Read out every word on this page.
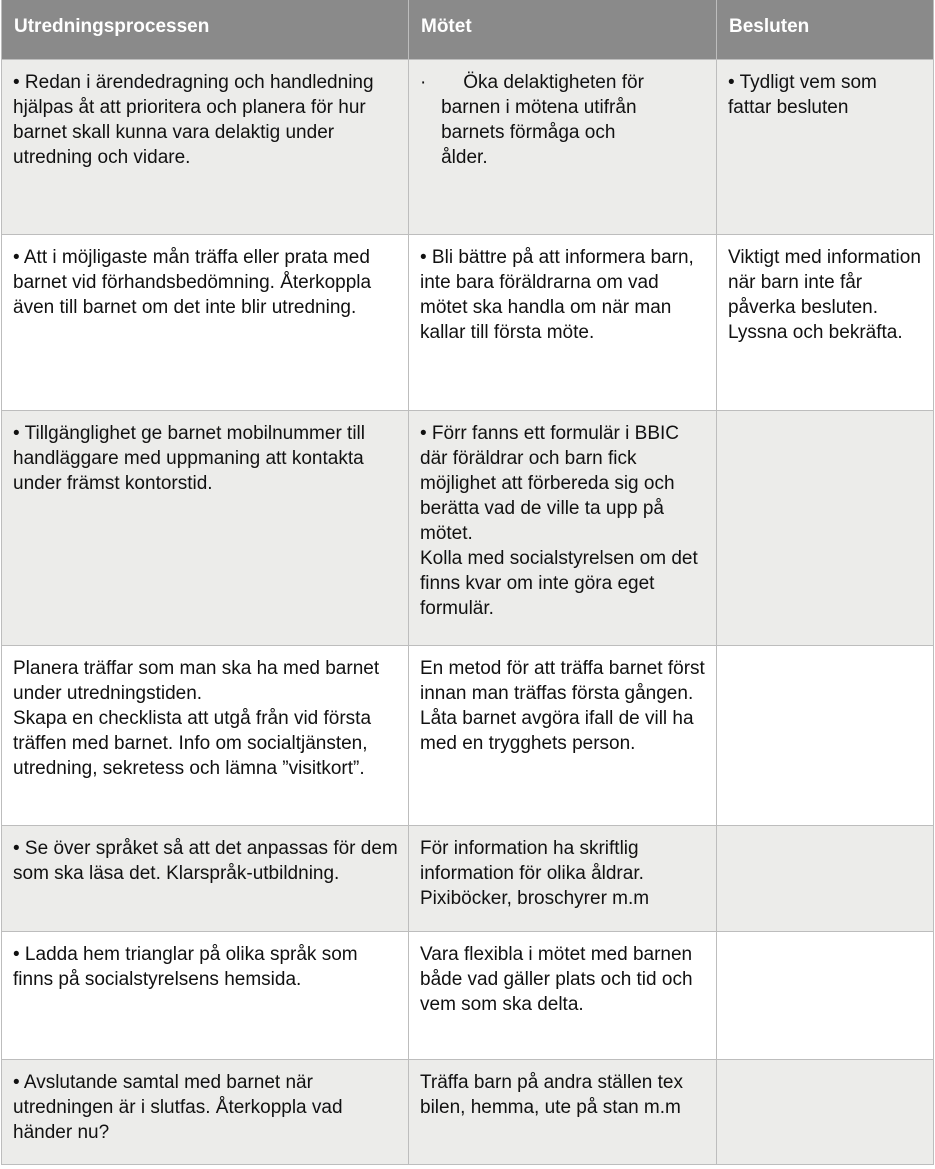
Utredningsprocessen	Mötet	Besluten
• Redan i ärendedragning och handledning hjälpas åt att prioritera och planera för hur barnet skall kunna vara delaktig under utredning och vidare.	·       Öka delaktigheten för
barnen i mötena utifrån
barnets förmåga och
ålder.	• Tydligt vem som fattar besluten
• Att i möjligaste mån träffa eller prata med barnet vid förhandsbedömning. Återkoppla även till barnet om det inte blir utredning.	• Bli bättre på att informera barn, inte bara föräldrarna om vad mötet ska handla om när man kallar till första möte.	Viktigt med information när barn inte får påverka besluten. Lyssna och bekräfta.
• Tillgänglighet ge barnet mobilnummer till handläggare med uppmaning att kontakta under främst kontorstid.	• Förr fanns ett formulär i BBIC där föräldrar och barn fick möjlighet att förbereda sig och berätta vad de ville ta upp på mötet.
Kolla med socialstyrelsen om det finns kvar om inte göra eget formulär.	
Planera träffar som man ska ha med barnet under utredningstiden.
Skapa en checklista att utgå från vid första träffen med barnet. Info om socialtjänsten, utredning, sekretess och lämna ”visitkort”.	En metod för att träffa barnet först innan man träffas första gången. Låta barnet avgöra ifall de vill ha med en trygghets person.	
• Se över språket så att det anpassas för dem som ska läsa det. Klarspråk-utbildning.	För information ha skriftlig information för olika åldrar. Pixiböcker, broschyrer m.m	
• Ladda hem trianglar på olika språk som finns på socialstyrelsens hemsida.	Vara flexibla i mötet med barnen både vad gäller plats och tid och vem som ska delta.	
• Avslutande samtal med barnet när utredningen är i slutfas. Återkoppla vad händer nu?	Träffa barn på andra ställen tex bilen, hemma, ute på stan m.m	
